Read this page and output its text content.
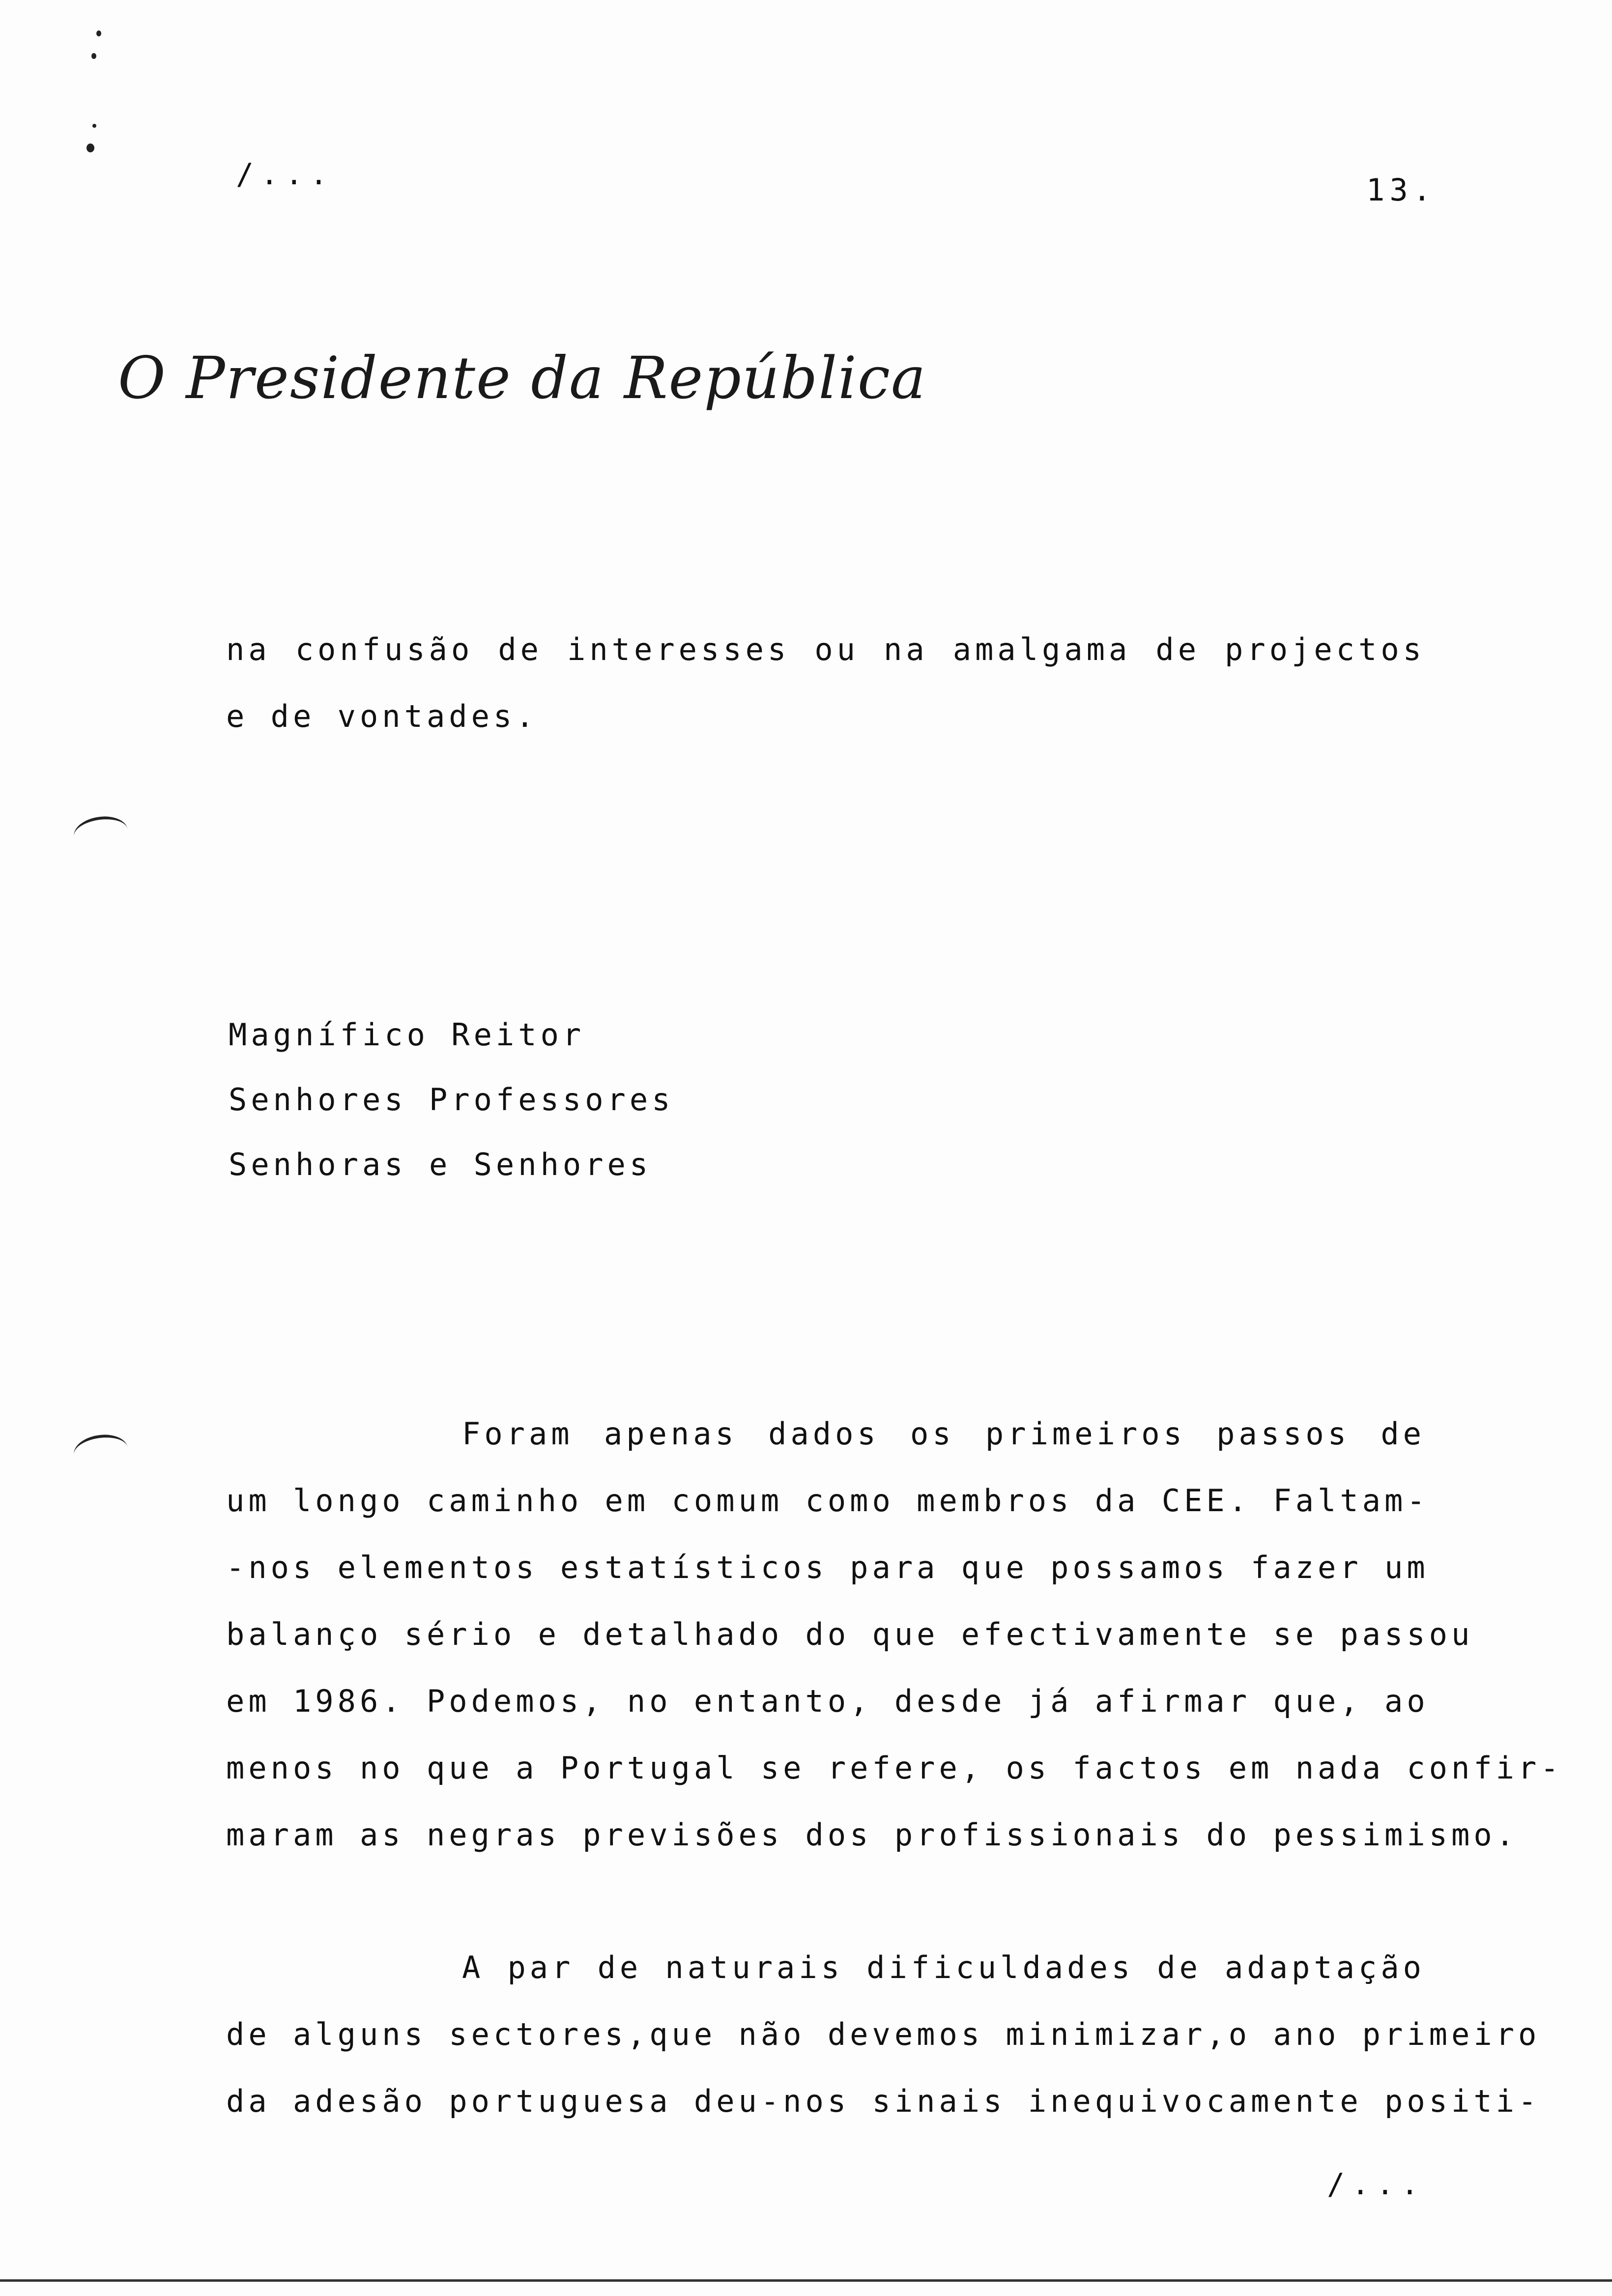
/...	13.
O Presidente da República
na confusão de interesses ou na amalgama de projectos
e de vontades.
Magnífico Reitor
Senhores Professores
Senhoras e Senhores
Foram apenas dados os primeiros passos de
um longo caminho em comum como membros da CEE. Faltam-
-nos elementos estatísticos para que possamos fazer um
balanço sério e detalhado do que efectivamente se passou
em 1986. Podemos, no entanto, desde já afirmar que, ao
menos no que a Portugal se refere, os factos em nada confir-
maram as negras previsões dos profissionais do pessimismo.
A par de naturais dificuldades de adaptação
de alguns sectores,que não devemos minimizar,o ano primeiro
da adesão portuguesa deu-nos sinais inequivocamente positi-
/...
